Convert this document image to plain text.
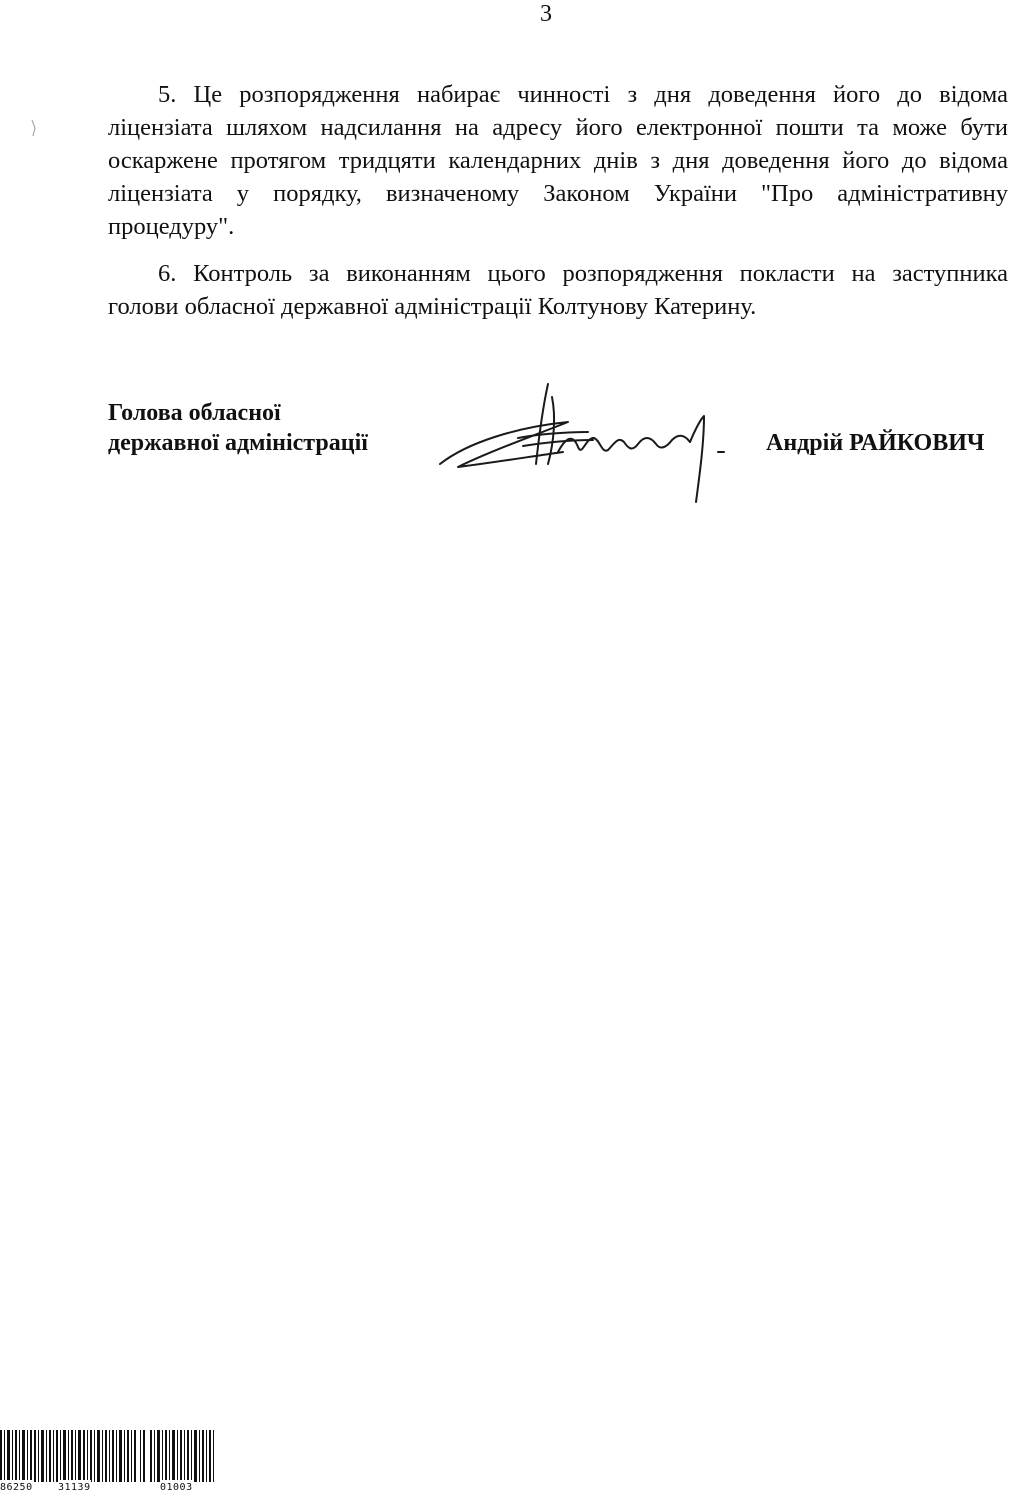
3
5. Це розпорядження набирає чинності з дня доведення його до відома
ліцензіата шляхом надсилання на адресу його електронної пошти та може бути
оскаржене протягом тридцяти календарних днів з дня доведення його до відома
ліцензіата у порядку, визначеному Законом України "Про адміністративну
процедуру".
6. Контроль за виконанням цього розпорядження покласти на заступника
голови обласної державної адміністрації Колтунову Катерину.
Голова обласної
державної адміністрації	Андрій РАЙКОВИЧ
86250	31139	01003
